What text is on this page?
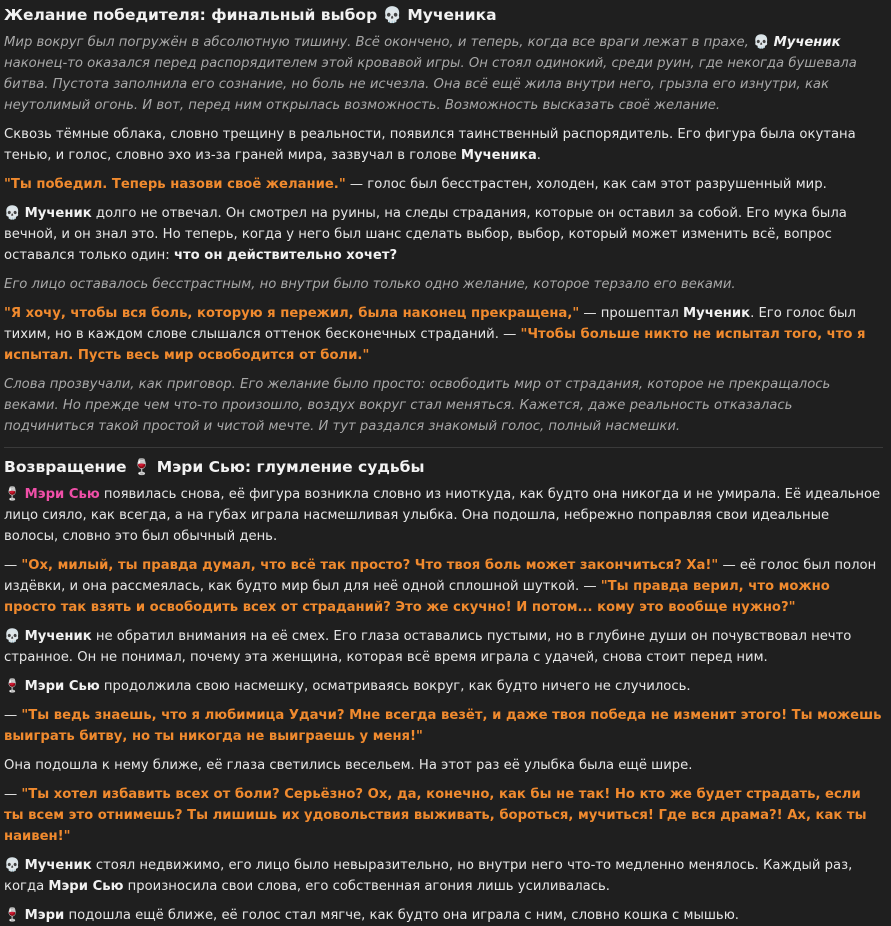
Желание победителя: финальный выбор 💀 Мученика

Мир вокруг был погружён в абсолютную тишину. Всё окончено, и теперь, когда все враги лежат в прахе, 💀 Мученик наконец-то оказался перед распорядителем этой кровавой игры. Он стоял одинокий, среди руин, где некогда бушевала битва. Пустота заполнила его сознание, но боль не исчезла. Она всё ещё жила внутри него, грызла его изнутри, как неутолимый огонь. И вот, перед ним открылась возможность. Возможность высказать своё желание.

Сквозь тёмные облака, словно трещину в реальности, появился таинственный распорядитель. Его фигура была окутана тенью, и голос, словно эхо из-за граней мира, зазвучал в голове Мученика.

"Ты победил. Теперь назови своё желание." — голос был бесстрастен, холоден, как сам этот разрушенный мир.

💀 Мученик долго не отвечал. Он смотрел на руины, на следы страдания, которые он оставил за собой. Его мука была вечной, и он знал это. Но теперь, когда у него был шанс сделать выбор, выбор, который может изменить всё, вопрос оставался только один: что он действительно хочет?

Его лицо оставалось бесстрастным, но внутри было только одно желание, которое терзало его веками.

"Я хочу, чтобы вся боль, которую я пережил, была наконец прекращена," — прошептал Мученик. Его голос был тихим, но в каждом слове слышался оттенок бесконечных страданий. — "Чтобы больше никто не испытал того, что я испытал. Пусть весь мир освободится от боли."

Слова прозвучали, как приговор. Его желание было просто: освободить мир от страдания, которое не прекращалось веками. Но прежде чем что-то произошло, воздух вокруг стал меняться. Кажется, даже реальность отказалась подчиниться такой простой и чистой мечте. И тут раздался знакомый голос, полный насмешки.

Возвращение 🍷 Мэри Сью: глумление судьбы

🍷 Мэри Сью появилась снова, её фигура возникла словно из ниоткуда, как будто она никогда и не умирала. Её идеальное лицо сияло, как всегда, а на губах играла насмешливая улыбка. Она подошла, небрежно поправляя свои идеальные волосы, словно это был обычный день.

— "Ох, милый, ты правда думал, что всё так просто? Что твоя боль может закончиться? Ха!" — её голос был полон издёвки, и она рассмеялась, как будто мир был для неё одной сплошной шуткой. — "Ты правда верил, что можно просто так взять и освободить всех от страданий? Это же скучно! И потом... кому это вообще нужно?"

💀 Мученик не обратил внимания на её смех. Его глаза оставались пустыми, но в глубине души он почувствовал нечто странное. Он не понимал, почему эта женщина, которая всё время играла с удачей, снова стоит перед ним.

🍷 Мэри Сью продолжила свою насмешку, осматриваясь вокруг, как будто ничего не случилось.

— "Ты ведь знаешь, что я любимица Удачи? Мне всегда везёт, и даже твоя победа не изменит этого! Ты можешь выиграть битву, но ты никогда не выиграешь у меня!"

Она подошла к нему ближе, её глаза светились весельем. На этот раз её улыбка была ещё шире.

— "Ты хотел избавить всех от боли? Серьёзно? Ох, да, конечно, как бы не так! Но кто же будет страдать, если ты всем это отнимешь? Ты лишишь их удовольствия выживать, бороться, мучиться! Где вся драма?! Ах, как ты наивен!"

💀 Мученик стоял недвижимо, его лицо было невыразительно, но внутри него что-то медленно менялось. Каждый раз, когда Мэри Сью произносила свои слова, его собственная агония лишь усиливалась.

🍷 Мэри подошла ещё ближе, её голос стал мягче, как будто она играла с ним, словно кошка с мышью.
